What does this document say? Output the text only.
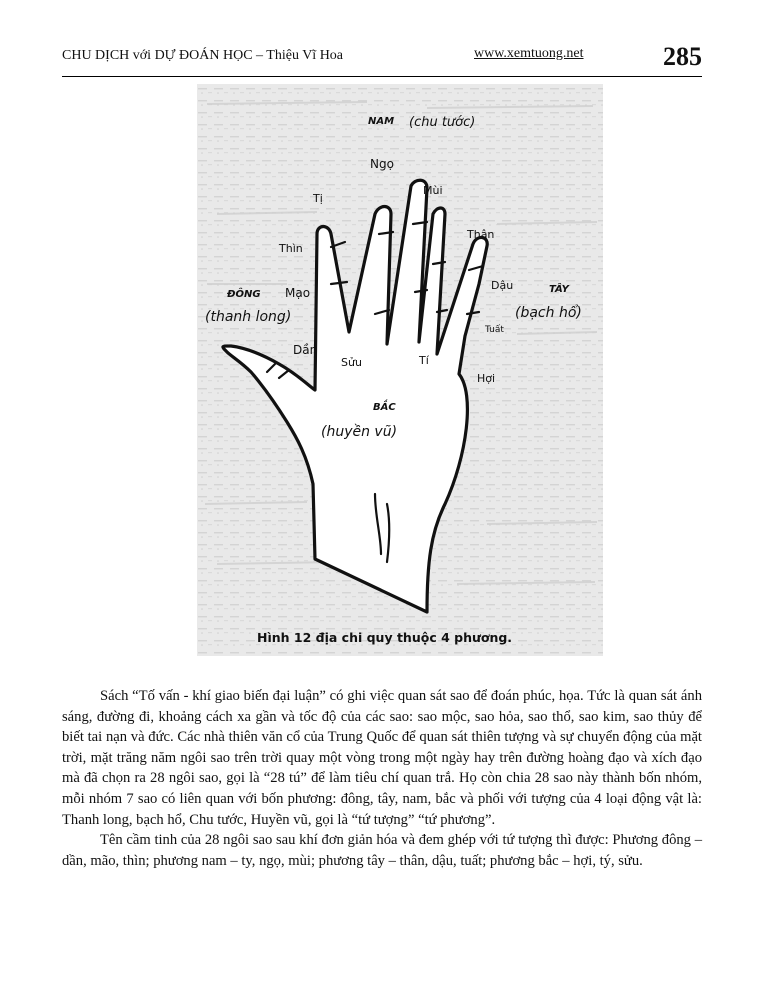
CHU DỊCH với DỰ ĐOÁN HỌC – Thiệu Vĩ Hoa	www.xemtuong.net	285
NAM (chu tước)
Ngọ
Mùi
Tị
Thìn
Thân
ĐÔNG Mạo
(thanh long)
Dậu	TÂY
(bạch hổ)
Tuất
Dần
Sửu	Tí
Hợi
BẮC
(huyền vũ)
Hình 12 địa chi quy thuộc 4 phương.

Sách “Tố vấn - khí giao biến đại luận” có ghi việc quan sát sao để đoán phúc, họa. Tức là quan sát ánh sáng, đường đi, khoảng cách xa gần và tốc độ của các sao: sao mộc, sao hỏa, sao thổ, sao kim, sao thủy để biết tai nạn và đức. Các nhà thiên văn cổ của Trung Quốc để quan sát thiên tượng và sự chuyển động của mặt trời, mặt trăng năm ngôi sao trên trời quay một vòng trong một ngày hay trên đường hoàng đạo và xích đạo mà đã chọn ra 28 ngôi sao, gọi là “28 tú” để làm tiêu chí quan trắ. Họ còn chia 28 sao này thành bốn nhóm, mỗi nhóm 7 sao có liên quan với bốn phương: đông, tây, nam, bắc và phối với tượng của 4 loại động vật là: Thanh long, bạch hổ, Chu tước, Huyền vũ, gọi là “tứ tượng” “tứ phương”.

Tên cầm tinh của 28 ngôi sao sau khí đơn giản hóa và đem ghép với tứ tượng thì được: Phương đông – dần, mão, thìn; phương nam – ty, ngọ, mùi; phương tây – thân, dậu, tuất; phương bắc – hợi, tý, sửu.
